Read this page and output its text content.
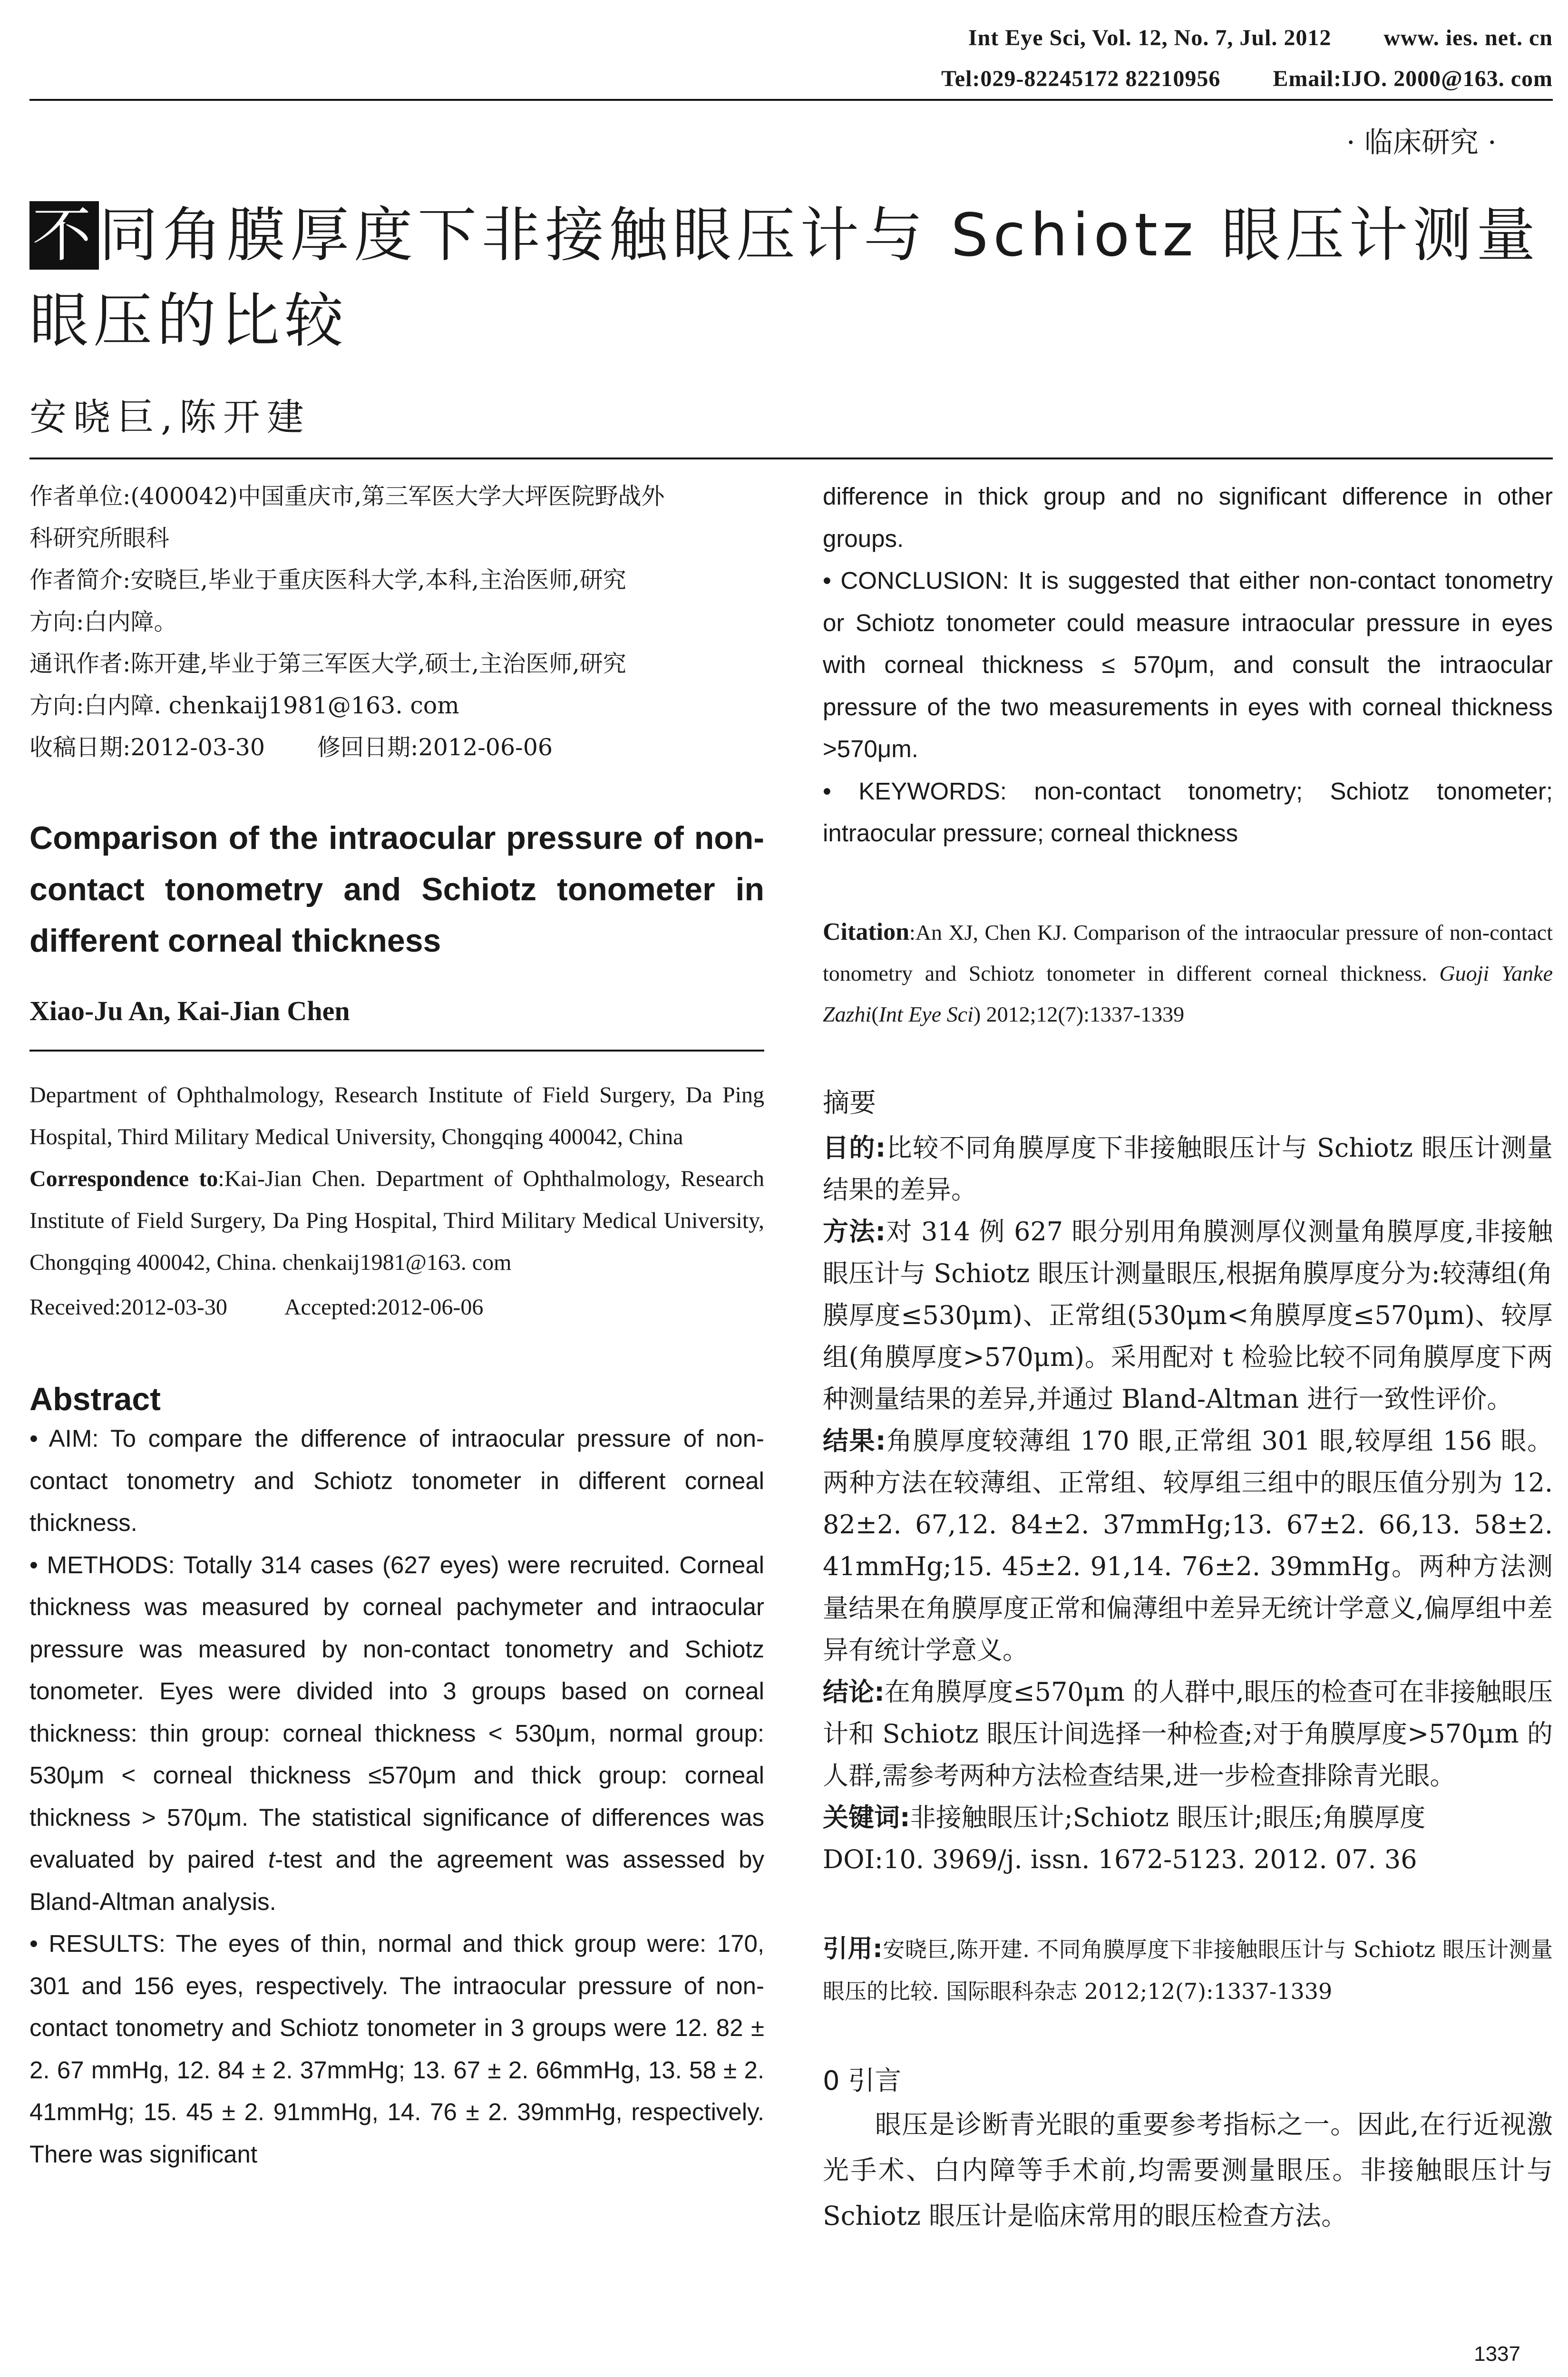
Int Eye Sci, Vol. 12, No. 7, Jul. 2012 www. ies. net. cn
Tel:029-82245172 82210956 Email:IJO. 2000@163. com
· 临床研究 ·
不同角膜厚度下非接触眼压计与 Schiotz 眼压计测量眼压的比较
安晓巨,陈开建
作者单位:(400042)中国重庆市,第三军医大学大坪医院野战外
科研究所眼科
作者简介:安晓巨,毕业于重庆医科大学,本科,主治医师,研究
方向:白内障。
通讯作者:陈开建,毕业于第三军医大学,硕士,主治医师,研究
方向:白内障. chenkaij1981@163. com
收稿日期:2012-03-30 修回日期:2012-06-06
Comparison of the intraocular pressure of non-contact tonometry and Schiotz tonometer in different corneal thickness
Xiao-Ju An, Kai-Jian Chen
Department of Ophthalmology, Research Institute of Field Surgery, Da Ping Hospital, Third Military Medical University, Chongqing 400042, China
Correspondence to:Kai-Jian Chen. Department of Ophthalmology, Research Institute of Field Surgery, Da Ping Hospital, Third Military Medical University, Chongqing 400042, China. chenkaij1981@163. com
Received:2012-03-30	Accepted:2012-06-06
Abstract

• AIM: To compare the difference of intraocular pressure of non-contact tonometry and Schiotz tonometer in different corneal thickness.

• METHODS: Totally 314 cases (627 eyes) were recruited. Corneal thickness was measured by corneal pachymeter and intraocular pressure was measured by non-contact tonometry and Schiotz tonometer. Eyes were divided into 3 groups based on corneal thickness: thin group: corneal thickness < 530μm, normal group: 530μm < corneal thickness ≤570μm and thick group: corneal thickness > 570μm. The statistical significance of differences was evaluated by paired t-test and the agreement was assessed by Bland-Altman analysis.

• RESULTS: The eyes of thin, normal and thick group were: 170, 301 and 156 eyes, respectively. The intraocular pressure of non-contact tonometry and Schiotz tonometer in 3 groups were 12. 82 ± 2. 67 mmHg, 12. 84 ± 2. 37mmHg; 13. 67 ± 2. 66mmHg, 13. 58 ± 2. 41mmHg; 15. 45 ± 2. 91mmHg, 14. 76 ± 2. 39mmHg, respectively. There was significant

difference in thick group and no significant difference in other groups.

• CONCLUSION: It is suggested that either non-contact tonometry or Schiotz tonometer could measure intraocular pressure in eyes with corneal thickness ≤ 570μm, and consult the intraocular pressure of the two measurements in eyes with corneal thickness >570μm.

• KEYWORDS: non-contact tonometry; Schiotz tonometer; intraocular pressure; corneal thickness

Citation:An XJ, Chen KJ. Comparison of the intraocular pressure of non-contact tonometry and Schiotz tonometer in different corneal thickness. Guoji Yanke Zazhi(Int Eye Sci) 2012;12(7):1337-1339
摘要

目的:比较不同角膜厚度下非接触眼压计与 Schiotz 眼压计测量结果的差异。

方法:对 314 例 627 眼分别用角膜测厚仪测量角膜厚度,非接触眼压计与 Schiotz 眼压计测量眼压,根据角膜厚度分为:较薄组(角膜厚度≤530μm)、正常组(530μm<角膜厚度≤570μm)、较厚组(角膜厚度>570μm)。采用配对 t 检验比较不同角膜厚度下两种测量结果的差异,并通过 Bland-Altman 进行一致性评价。

结果:角膜厚度较薄组 170 眼,正常组 301 眼,较厚组 156 眼。两种方法在较薄组、正常组、较厚组三组中的眼压值分别为 12. 82±2. 67,12. 84±2. 37mmHg;13. 67±2. 66,13. 58±2. 41mmHg;15. 45±2. 91,14. 76±2. 39mmHg。两种方法测量结果在角膜厚度正常和偏薄组中差异无统计学意义,偏厚组中差异有统计学意义。

结论:在角膜厚度≤570μm 的人群中,眼压的检查可在非接触眼压计和 Schiotz 眼压计间选择一种检查;对于角膜厚度>570μm 的人群,需参考两种方法检查结果,进一步检查排除青光眼。

关键词:非接触眼压计;Schiotz 眼压计;眼压;角膜厚度

DOI:10. 3969/j. issn. 1672-5123. 2012. 07. 36

引用:安晓巨,陈开建. 不同角膜厚度下非接触眼压计与 Schiotz 眼压计测量眼压的比较. 国际眼科杂志 2012;12(7):1337-1339
0 引言

眼压是诊断青光眼的重要参考指标之一。因此,在行近视激光手术、白内障等手术前,均需要测量眼压。非接触眼压计与 Schiotz 眼压计是临床常用的眼压检查方法。

1337
